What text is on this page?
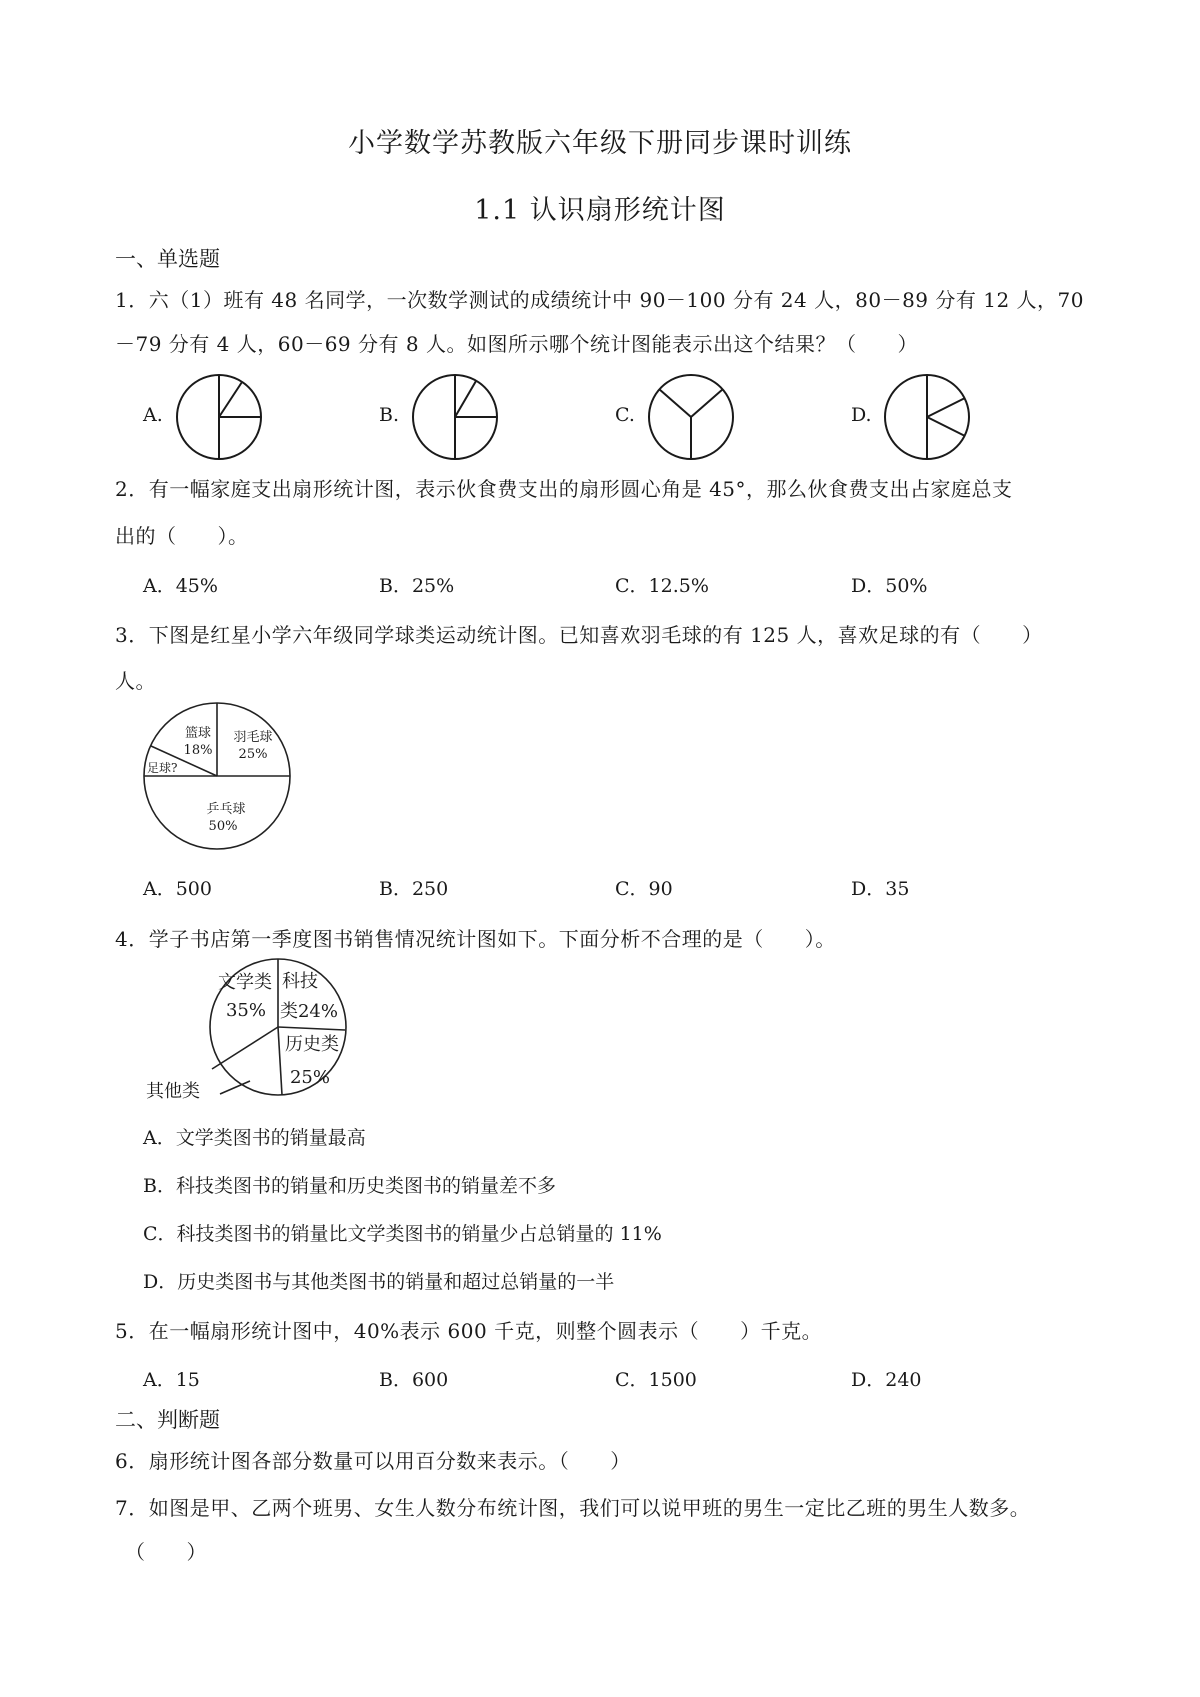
小学数学苏教版六年级下册同步课时训练
1.1 认识扇形统计图
一、单选题
1．六（1）班有 48 名同学，一次数学测试的成绩统计中 90－100 分有 24 人，80－89 分有 12 人，70
－79 分有 4 人，60－69 分有 8 人。如图所示哪个统计图能表示出这个结果？（　　）
A.	B.	C.	D.
2．有一幅家庭支出扇形统计图，表示伙食费支出的扇形圆心角是 45°，那么伙食费支出占家庭总支
出的（　　）。
A．45%	B．25%	C．12.5%	D．50%
3．下图是红星小学六年级同学球类运动统计图。已知喜欢羽毛球的有 125 人，喜欢足球的有（　　）
人。
篮球
18%
羽毛球
25%
足球?
乒乓球
50%
A．500	B．250	C．90	D．35
4．学子书店第一季度图书销售情况统计图如下。下面分析不合理的是（　　）。
文学类
35%
科技
类24%
历史类
25%
其他类
A．文学类图书的销量最高
B．科技类图书的销量和历史类图书的销量差不多
C．科技类图书的销量比文学类图书的销量少占总销量的 11%
D．历史类图书与其他类图书的销量和超过总销量的一半
5．在一幅扇形统计图中，40%表示 600 千克，则整个圆表示（　　）千克。
A．15	B．600	C．1500	D．240
二、判断题
6．扇形统计图各部分数量可以用百分数来表示。（　　）
7．如图是甲、乙两个班男、女生人数分布统计图，我们可以说甲班的男生一定比乙班的男生人数多。
（　　）
